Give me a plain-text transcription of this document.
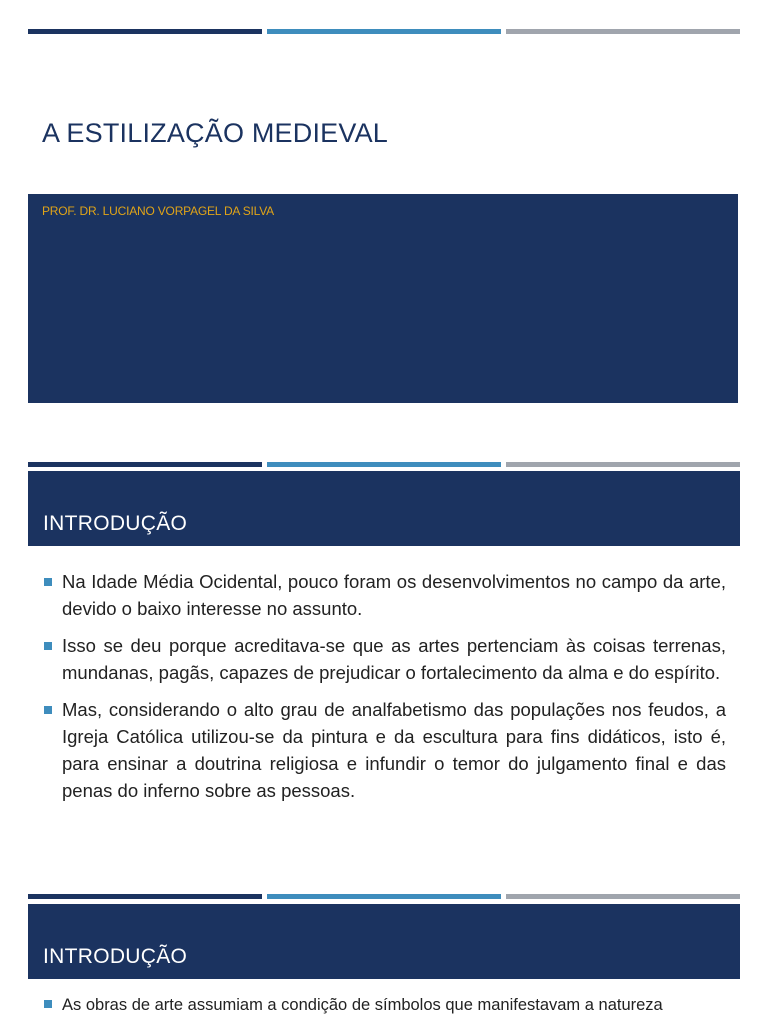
A ESTILIZAÇÃO MEDIEVAL
PROF. DR. LUCIANO VORPAGEL DA SILVA
INTRODUÇÃO
Na Idade Média Ocidental, pouco foram os desenvolvimentos no campo da arte, devido o baixo interesse no assunto.
Isso se deu porque acreditava-se que as artes pertenciam às coisas terrenas, mundanas, pagãs, capazes de prejudicar o fortalecimento da alma e do espírito.
Mas, considerando o alto grau de analfabetismo das populações nos feudos, a Igreja Católica utilizou-se da pintura e da escultura para fins didáticos, isto é, para ensinar a doutrina religiosa e infundir o temor do julgamento final e das penas do inferno sobre as pessoas.
INTRODUÇÃO
As obras de arte assumiam a condição de símbolos que manifestavam a natureza
